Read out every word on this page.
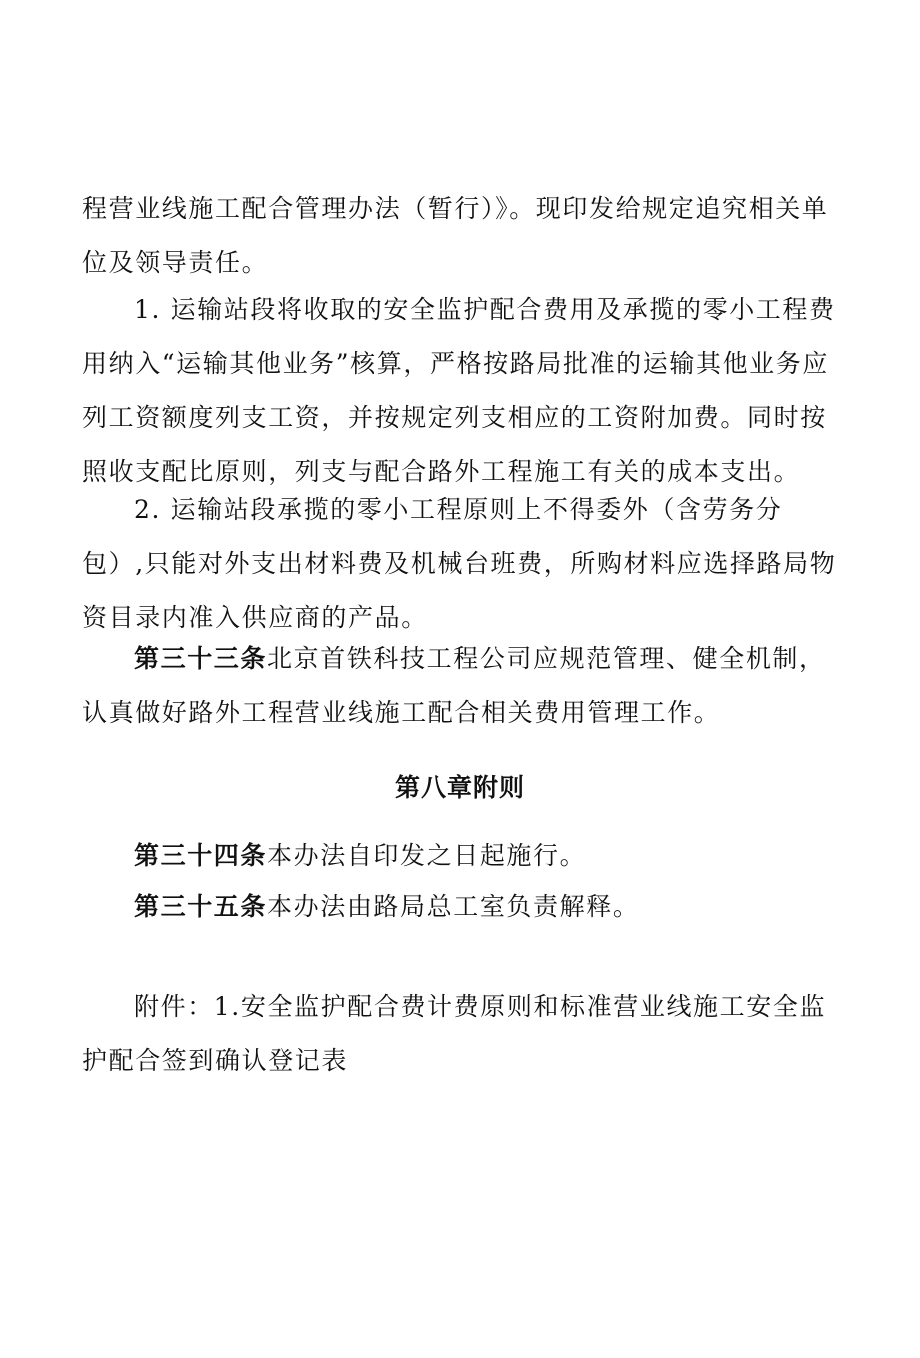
程营业线施工配合管理办法（暂行）》。现印发给规定追究相关单位及领导责任。

1. 运输站段将收取的安全监护配合费用及承揽的零小工程费用纳入“运输其他业务”核算，严格按路局批准的运输其他业务应列工资额度列支工资，并按规定列支相应的工资附加费。同时按照收支配比原则，列支与配合路外工程施工有关的成本支出。

2. 运输站段承揽的零小工程原则上不得委外（含劳务分包）,只能对外支出材料费及机械台班费，所购材料应选择路局物资目录内准入供应商的产品。

第三十三条北京首铁科技工程公司应规范管理、健全机制，认真做好路外工程营业线施工配合相关费用管理工作。

第八章附则

第三十四条本办法自印发之日起施行。

第三十五条本办法由路局总工室负责解释。

附件：1.安全监护配合费计费原则和标准营业线施工安全监护配合签到确认登记表
